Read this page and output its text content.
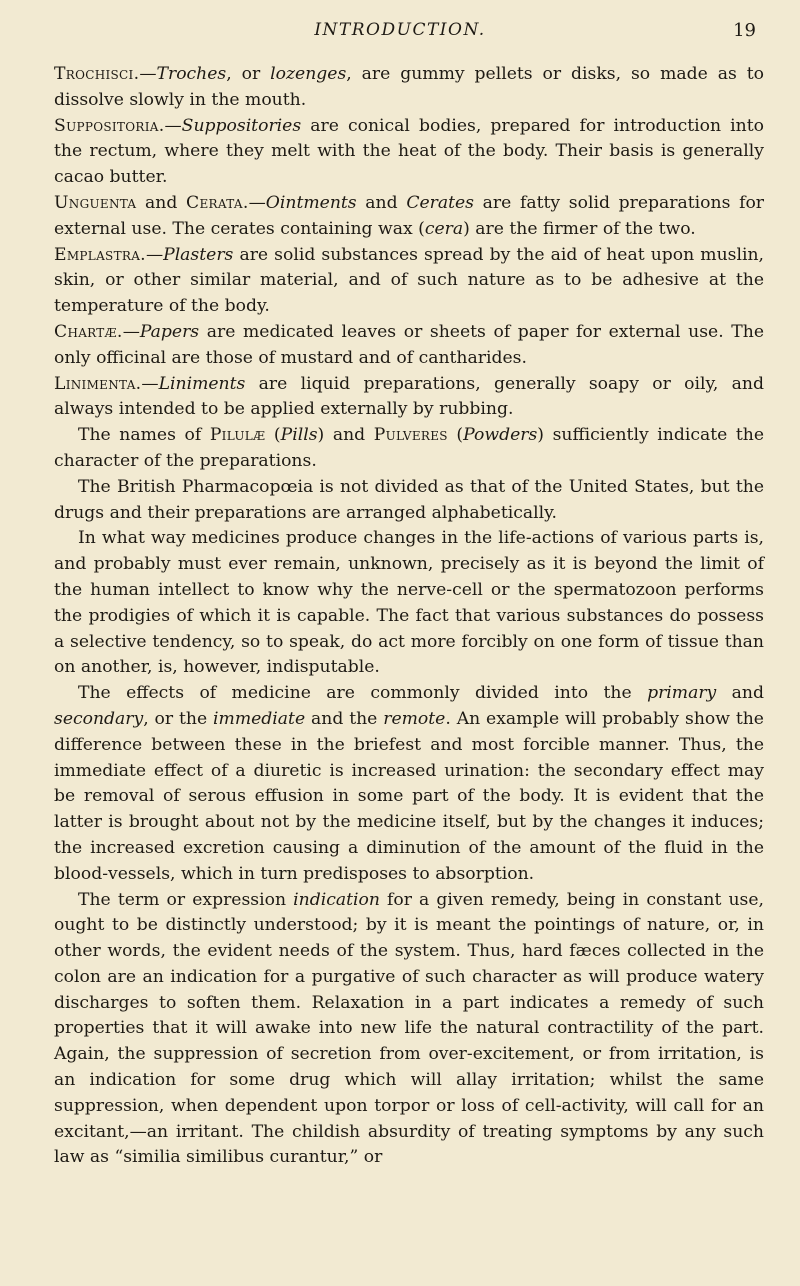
INTRODUCTION.	19

Trochisci.—Troches, or lozenges, are gummy pellets or disks, so made as to dissolve slowly in the mouth.

Suppositoria.—Suppositories are conical bodies, prepared for introduction into the rectum, where they melt with the heat of the body. Their basis is generally cacao butter.

Unguenta and Cerata.—Ointments and Cerates are fatty solid preparations for external use. The cerates containing wax (cera) are the firmer of the two.

Emplastra.—Plasters are solid substances spread by the aid of heat upon muslin, skin, or other similar material, and of such nature as to be adhesive at the temperature of the body.

Chartæ.—Papers are medicated leaves or sheets of paper for external use. The only officinal are those of mustard and of cantharides.

Linimenta.—Liniments are liquid preparations, generally soapy or oily, and always intended to be applied externally by rubbing.

The names of Pilulæ (Pills) and Pulveres (Powders) sufficiently indicate the character of the preparations.

The British Pharmacopœia is not divided as that of the United States, but the drugs and their preparations are arranged alphabetically.

In what way medicines produce changes in the life-actions of various parts is, and probably must ever remain, unknown, precisely as it is beyond the limit of the human intellect to know why the nerve-cell or the spermatozoon performs the prodigies of which it is capable. The fact that various substances do possess a selective tendency, so to speak, do act more forcibly on one form of tissue than on another, is, however, indisputable.

The effects of medicine are commonly divided into the primary and secondary, or the immediate and the remote. An example will probably show the difference between these in the briefest and most forcible manner. Thus, the immediate effect of a diuretic is increased urination: the secondary effect may be removal of serous effusion in some part of the body. It is evident that the latter is brought about not by the medicine itself, but by the changes it induces; the increased excretion causing a diminution of the amount of the fluid in the blood-vessels, which in turn predisposes to absorption.

The term or expression indication for a given remedy, being in constant use, ought to be distinctly understood; by it is meant the pointings of nature, or, in other words, the evident needs of the system. Thus, hard fæces collected in the colon are an indication for a purgative of such character as will produce watery discharges to soften them. Relaxation in a part indicates a remedy of such properties that it will awake into new life the natural contractility of the part. Again, the suppression of secretion from over-excitement, or from irritation, is an indication for some drug which will allay irritation; whilst the same suppression, when dependent upon torpor or loss of cell-activity, will call for an excitant,—an irritant. The childish absurdity of treating symptoms by any such law as “similia similibus curantur,” or
